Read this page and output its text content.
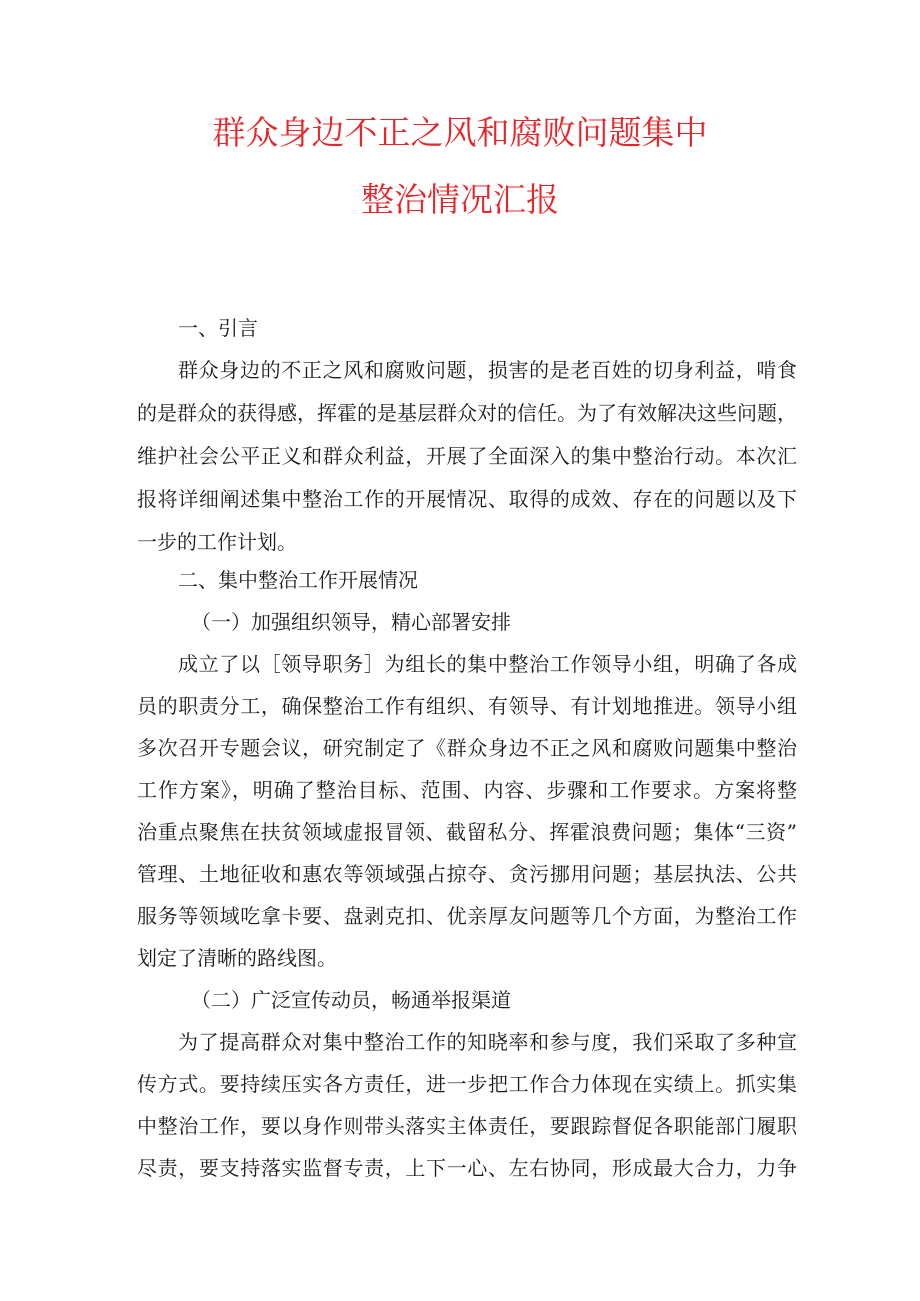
群众身边不正之风和腐败问题集中
整治情况汇报
一、引言
群众身边的不正之风和腐败问题，损害的是老百姓的切身利益，啃食
的是群众的获得感，挥霍的是基层群众对的信任。为了有效解决这些问题，
维护社会公平正义和群众利益，开展了全面深入的集中整治行动。本次汇
报将详细阐述集中整治工作的开展情况、取得的成效、存在的问题以及下
一步的工作计划。
二、集中整治工作开展情况
（一）加强组织领导，精心部署安排
成立了以［领导职务］为组长的集中整治工作领导小组，明确了各成
员的职责分工，确保整治工作有组织、有领导、有计划地推进。领导小组
多次召开专题会议，研究制定了《群众身边不正之风和腐败问题集中整治
工作方案》，明确了整治目标、范围、内容、步骤和工作要求。方案将整
治重点聚焦在扶贫领域虚报冒领、截留私分、挥霍浪费问题；集体“三资”
管理、土地征收和惠农等领域强占掠夺、贪污挪用问题；基层执法、公共
服务等领域吃拿卡要、盘剥克扣、优亲厚友问题等几个方面，为整治工作
划定了清晰的路线图。
（二）广泛宣传动员，畅通举报渠道
为了提高群众对集中整治工作的知晓率和参与度，我们采取了多种宣
传方式。要持续压实各方责任，进一步把工作合力体现在实绩上。抓实集
中整治工作，要以身作则带头落实主体责任，要跟踪督促各职能部门履职
尽责，要支持落实监督专责，上下一心、左右协同，形成最大合力，力争
